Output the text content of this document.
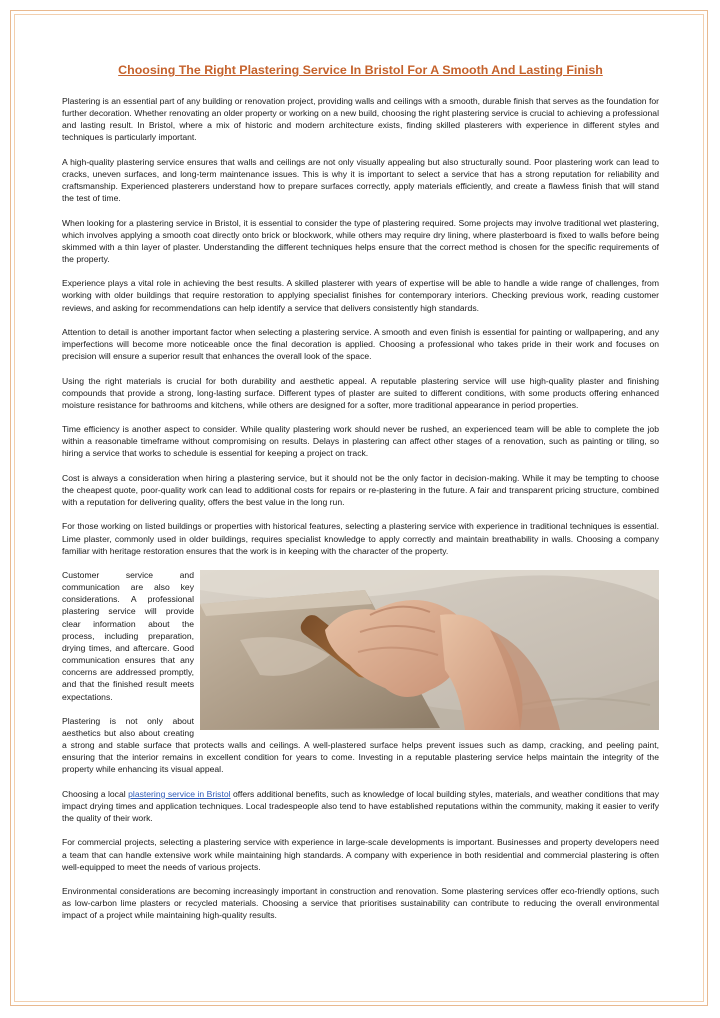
Choosing The Right Plastering Service In Bristol For A Smooth And Lasting Finish

Plastering is an essential part of any building or renovation project, providing walls and ceilings with a smooth, durable finish that serves as the foundation for further decoration. Whether renovating an older property or working on a new build, choosing the right plastering service is crucial to achieving a professional and lasting result. In Bristol, where a mix of historic and modern architecture exists, finding skilled plasterers with experience in different styles and techniques is particularly important.

A high-quality plastering service ensures that walls and ceilings are not only visually appealing but also structurally sound. Poor plastering work can lead to cracks, uneven surfaces, and long-term maintenance issues. This is why it is important to select a service that has a strong reputation for reliability and craftsmanship. Experienced plasterers understand how to prepare surfaces correctly, apply materials efficiently, and create a flawless finish that will stand the test of time.

When looking for a plastering service in Bristol, it is essential to consider the type of plastering required. Some projects may involve traditional wet plastering, which involves applying a smooth coat directly onto brick or blockwork, while others may require dry lining, where plasterboard is fixed to walls before being skimmed with a thin layer of plaster. Understanding the different techniques helps ensure that the correct method is chosen for the specific requirements of the property.

Experience plays a vital role in achieving the best results. A skilled plasterer with years of expertise will be able to handle a wide range of challenges, from working with older buildings that require restoration to applying specialist finishes for contemporary interiors. Checking previous work, reading customer reviews, and asking for recommendations can help identify a service that delivers consistently high standards.

Attention to detail is another important factor when selecting a plastering service. A smooth and even finish is essential for painting or wallpapering, and any imperfections will become more noticeable once the final decoration is applied. Choosing a professional who takes pride in their work and focuses on precision will ensure a superior result that enhances the overall look of the space.

Using the right materials is crucial for both durability and aesthetic appeal. A reputable plastering service will use high-quality plaster and finishing compounds that provide a strong, long-lasting surface. Different types of plaster are suited to different conditions, with some products offering enhanced moisture resistance for bathrooms and kitchens, while others are designed for a softer, more traditional appearance in period properties.

Time efficiency is another aspect to consider. While quality plastering work should never be rushed, an experienced team will be able to complete the job within a reasonable timeframe without compromising on results. Delays in plastering can affect other stages of a renovation, such as painting or tiling, so hiring a service that works to schedule is essential for keeping a project on track.

Cost is always a consideration when hiring a plastering service, but it should not be the only factor in decision-making. While it may be tempting to choose the cheapest quote, poor-quality work can lead to additional costs for repairs or re-plastering in the future. A fair and transparent pricing structure, combined with a reputation for delivering quality, offers the best value in the long run.

For those working on listed buildings or properties with historical features, selecting a plastering service with experience in traditional techniques is essential. Lime plaster, commonly used in older buildings, requires specialist knowledge to apply correctly and maintain breathability in walls. Choosing a company familiar with heritage restoration ensures that the work is in keeping with the character of the property.

Customer service and communication are also key considerations. A professional plastering service will provide clear information about the process, including preparation, drying times, and aftercare. Good communication ensures that any concerns are addressed promptly, and that the finished result meets expectations.

Plastering is not only about aesthetics but also about creating a strong and stable surface that protects walls and ceilings. A well-plastered surface helps prevent issues such as damp, cracking, and peeling paint, ensuring that the interior remains in excellent condition for years to come. Investing in a reputable plastering service helps maintain the integrity of the property while enhancing its visual appeal.

Choosing a local plastering service in Bristol offers additional benefits, such as knowledge of local building styles, materials, and weather conditions that may impact drying times and application techniques. Local tradespeople also tend to have established reputations within the community, making it easier to verify the quality of their work.

For commercial projects, selecting a plastering service with experience in large-scale developments is important. Businesses and property developers need a team that can handle extensive work while maintaining high standards. A company with experience in both residential and commercial plastering is often well-equipped to meet the needs of various projects.

Environmental considerations are becoming increasingly important in construction and renovation. Some plastering services offer eco-friendly options, such as low-carbon lime plasters or recycled materials. Choosing a service that prioritises sustainability can contribute to reducing the overall environmental impact of a project while maintaining high-quality results.
